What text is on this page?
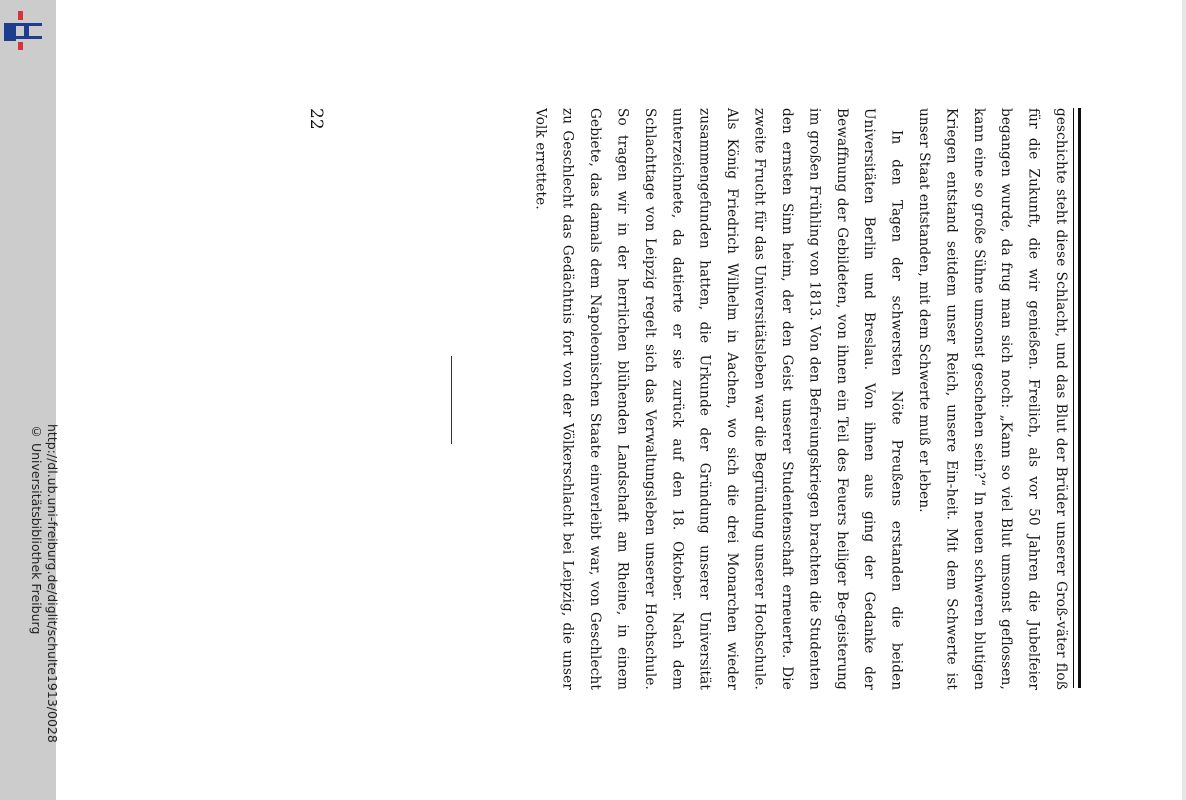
http://dl.ub.uni-freiburg.de/diglit/schulte1913/0028
© Universitätsbibliothek Freiburg	geschichte steht diese Schlacht, und das Blut der Brüder unserer Groß-väter floß für die Zukunft, die wir genießen. Freilich, als vor 50 Jahren die Jubelfeier begangen wurde, da frug man sich noch: „Kann so viel Blut umsonst geflossen, kann eine so große Sühne umsonst geschehen sein?“ In neuen schweren blutigen Kriegen entstand seitdem unser Reich, unsere Ein-heit. Mit dem Schwerte ist unser Staat entstanden, mit dem Schwerte muß er leben.

In den Tagen der schwersten Nöte Preußens erstanden die beiden Universitäten Berlin und Breslau. Von ihnen aus ging der Gedanke der Bewaffnung der Gebildeten, von ihnen ein Teil des Feuers heiliger Be-geisterung im großen Frühling von 1813. Von den Befreiungskriegen brachten die Studenten den ernsten Sinn heim, der den Geist unserer Studentenschaft erneuerte. Die zweite Frucht für das Universitätsleben war die Begründung unserer Hochschule. Als König Friedrich Wilhelm in Aachen, wo sich die drei Monarchen wieder zusammengefunden hatten, die Urkunde der Gründung unserer Universität unterzeichnete, da datierte er sie zurück auf den 18. Oktober. Nach dem Schlachttage von Leipzig regelt sich das Verwaltungsleben unserer Hochschule. So tragen wir in der herrlichen blühenden Landschaft am Rheine, in einem Gebiete, das damals dem Napoleonischen Staate einverleibt war, von Geschlecht zu Geschlecht das Gedächtnis fort von der Völkerschlacht bei Leipzig, die unser Volk errettete.

22
